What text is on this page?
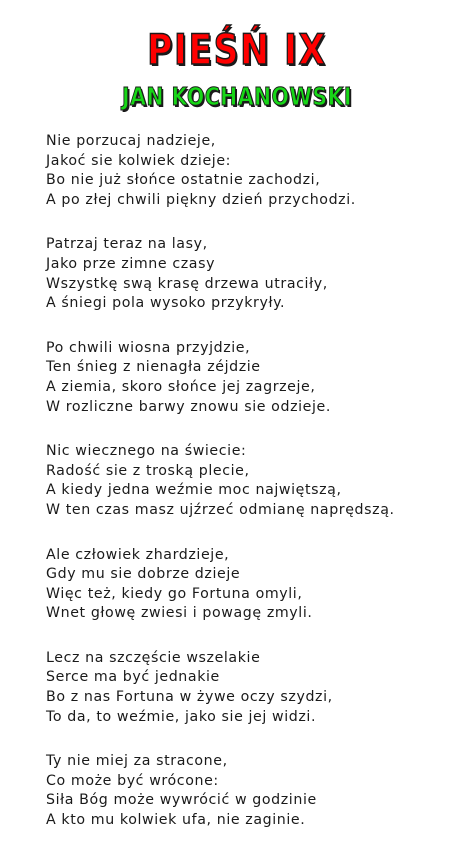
PIEŚŃ IX
JAN KOCHANOWSKI
Nie porzucaj nadzieje,
Jakoć sie kolwiek dzieje:
Bo nie już słońce ostatnie zachodzi,
A po złej chwili piękny dzień przychodzi.
Patrzaj teraz na lasy,
Jako prze zimne czasy
Wszystkę swą krasę drzewa utraciły,
A śniegi pola wysoko przykryły.
Po chwili wiosna przyjdzie,
Ten śnieg z nienagła zéjdzie
A ziemia, skoro słońce jej zagrzeje,
W rozliczne barwy znowu sie odzieje.
Nic wiecznego na świecie:
Radość sie z troską plecie,
A kiedy jedna weźmie moc najwiętszą,
W ten czas masz ujźrzeć odmianę naprędszą.
Ale człowiek zhardzieje,
Gdy mu sie dobrze dzieje
Więc też, kiedy go Fortuna omyli,
Wnet głowę zwiesi i powagę zmyli.
Lecz na szczęście wszelakie
Serce ma być jednakie
Bo z nas Fortuna w żywe oczy szydzi,
To da, to weźmie, jako sie jej widzi.
Ty nie miej za stracone,
Co może być wrócone:
Siła Bóg może wywrócić w godzinie
A kto mu kolwiek ufa, nie zaginie.
